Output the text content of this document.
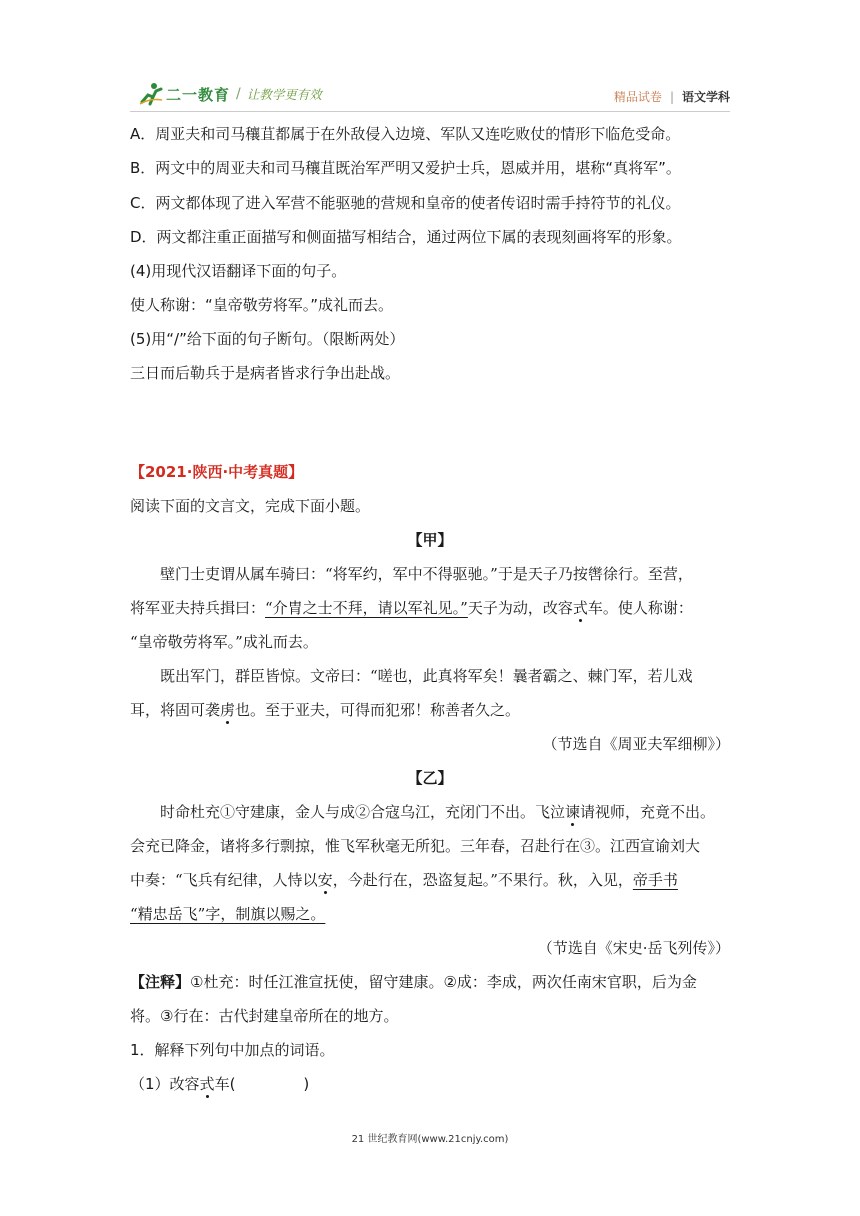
二一教育 / 让教学更有效	精品试卷 | 语文学科
A．周亚夫和司马穰苴都属于在外敌侵入边境、军队又连吃败仗的情形下临危受命。
B．两文中的周亚夫和司马穰苴既治军严明又爱护士兵，恩威并用，堪称“真将军”。
C．两文都体现了进入军营不能驱驰的营规和皇帝的使者传诏时需手持符节的礼仪。
D．两文都注重正面描写和侧面描写相结合，通过两位下属的表现刻画将军的形象。
(4)用现代汉语翻译下面的句子。
使人称谢：“皇帝敬劳将军。”成礼而去。
(5)用“/”给下面的句子断句。（限断两处）
三日而后勒兵于是病者皆求行争出赴战。
【2021·陕西·中考真题】
阅读下面的文言文，完成下面小题。
【甲】
壁门士吏谓从属车骑曰：“将军约，军中不得驱驰。”于是天子乃按辔徐行。至营，
将军亚夫持兵揖曰：“介胄之士不拜，请以军礼见。”天子为动，改容式车。使人称谢：
“皇帝敬劳将军。”成礼而去。
既出军门，群臣皆惊。文帝曰：“嗟也，此真将军矣！曩者霸之、棘门军，若儿戏
耳，将固可袭虏也。至于亚夫，可得而犯邪！称善者久之。
（节选自《周亚夫军细柳》）
【乙】
时命杜充①守建康，金人与成②合寇乌江，充闭门不出。飞泣谏请视师，充竟不出。
会充已降金，诸将多行剽掠，惟飞军秋毫无所犯。三年春，召赴行在③。江西宣谕刘大
中奏：“飞兵有纪律，人恃以安，今赴行在，恐盗复起。”不果行。秋，入见，帝手书
“精忠岳飞”字，制旗以赐之。
（节选自《宋史·岳飞列传》）
【注释】①杜充：时任江淮宣抚使，留守建康。②成：李成，两次任南宋官职，后为金
将。③行在：古代封建皇帝所在的地方。
1．解释下列句中加点的词语。
（1）改容式车(	)
21 世纪教育网(www.21cnjy.com)
